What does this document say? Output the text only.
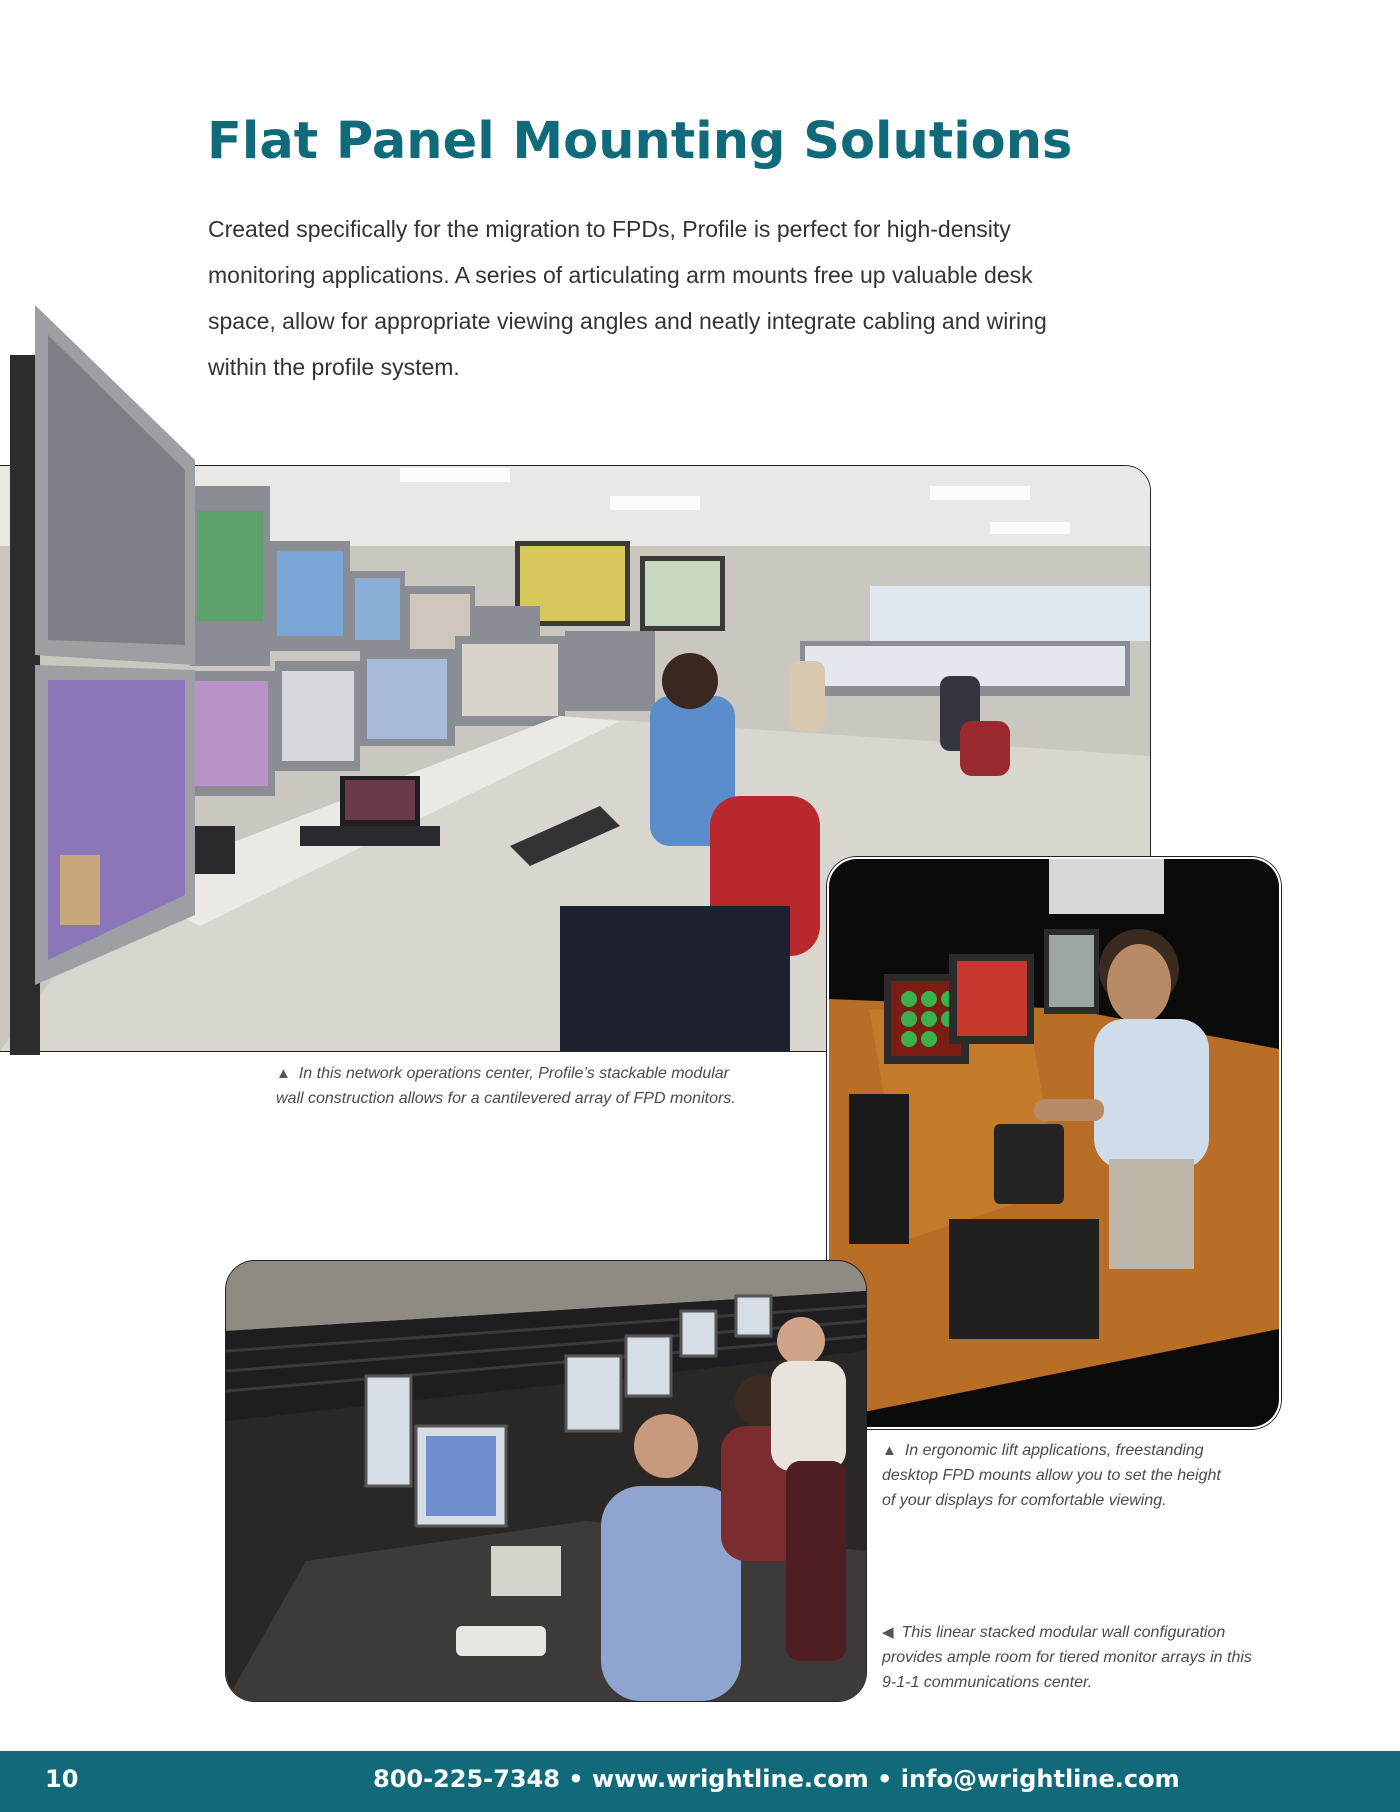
Flat Panel Mounting Solutions

Created specifically for the migration to FPDs, Profile is perfect for high-density monitoring applications. A series of articulating arm mounts free up valuable desk space, allow for appropriate viewing angles and neatly integrate cabling and wiring within the profile system.

▲ In this network operations center, Profile’s stackable modular wall construction allows for a cantilevered array of FPD monitors.

▲ In ergonomic lift applications, freestanding desktop FPD mounts allow you to set the height of your displays for comfortable viewing.

◀ This linear stacked modular wall configuration provides ample room for tiered monitor arrays in this 9-1-1 communications center.

10	800-225-7348 • www.wrightline.com • info@wrightline.com
